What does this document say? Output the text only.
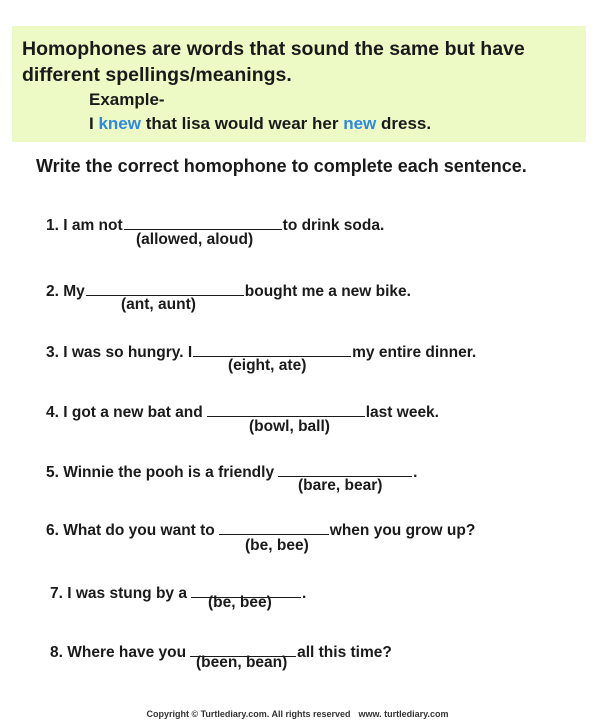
Homophones are words that sound the same but have different spellings/meanings.
Example-
I knew that lisa would wear her new dress.
Write the correct homophone to complete each sentence.
1. I am not	to drink soda.
(allowed, aloud)
2. My	bought me a new bike.
(ant, aunt)
3. I was so hungry. I	my entire dinner.
(eight, ate)
4. I got a new bat and	last week.
(bowl, ball)
5. Winnie the pooh is a friendly	.
(bare, bear)
6. What do you want to	when you grow up?
(be, bee)
7. I was stung by a	.
(be, bee)
8. Where have you	all this time?
(been, bean)
Copyright © Turtlediary.com. All rights reserved www. turtlediary.com
